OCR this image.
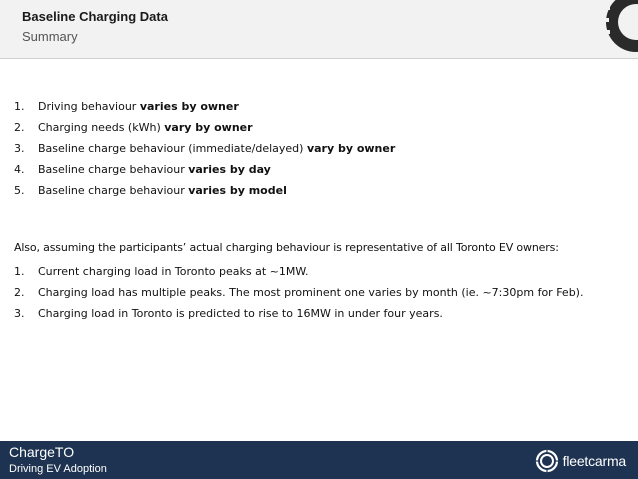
Baseline Charging Data
Summary
1. Driving behaviour varies by owner
2. Charging needs (kWh) vary by owner
3. Baseline charge behaviour (immediate/delayed) vary by owner
4. Baseline charge behaviour varies by day
5. Baseline charge behaviour varies by model
Also, assuming the participants’ actual charging behaviour is representative of all Toronto EV owners:
1. Current charging load in Toronto peaks at ~1MW.
2. Charging load has multiple peaks. The most prominent one varies by month (ie. ~7:30pm for Feb).
3. Charging load in Toronto is predicted to rise to 16MW in under four years.
ChargeTO
Driving EV Adoption	fleetcarma
